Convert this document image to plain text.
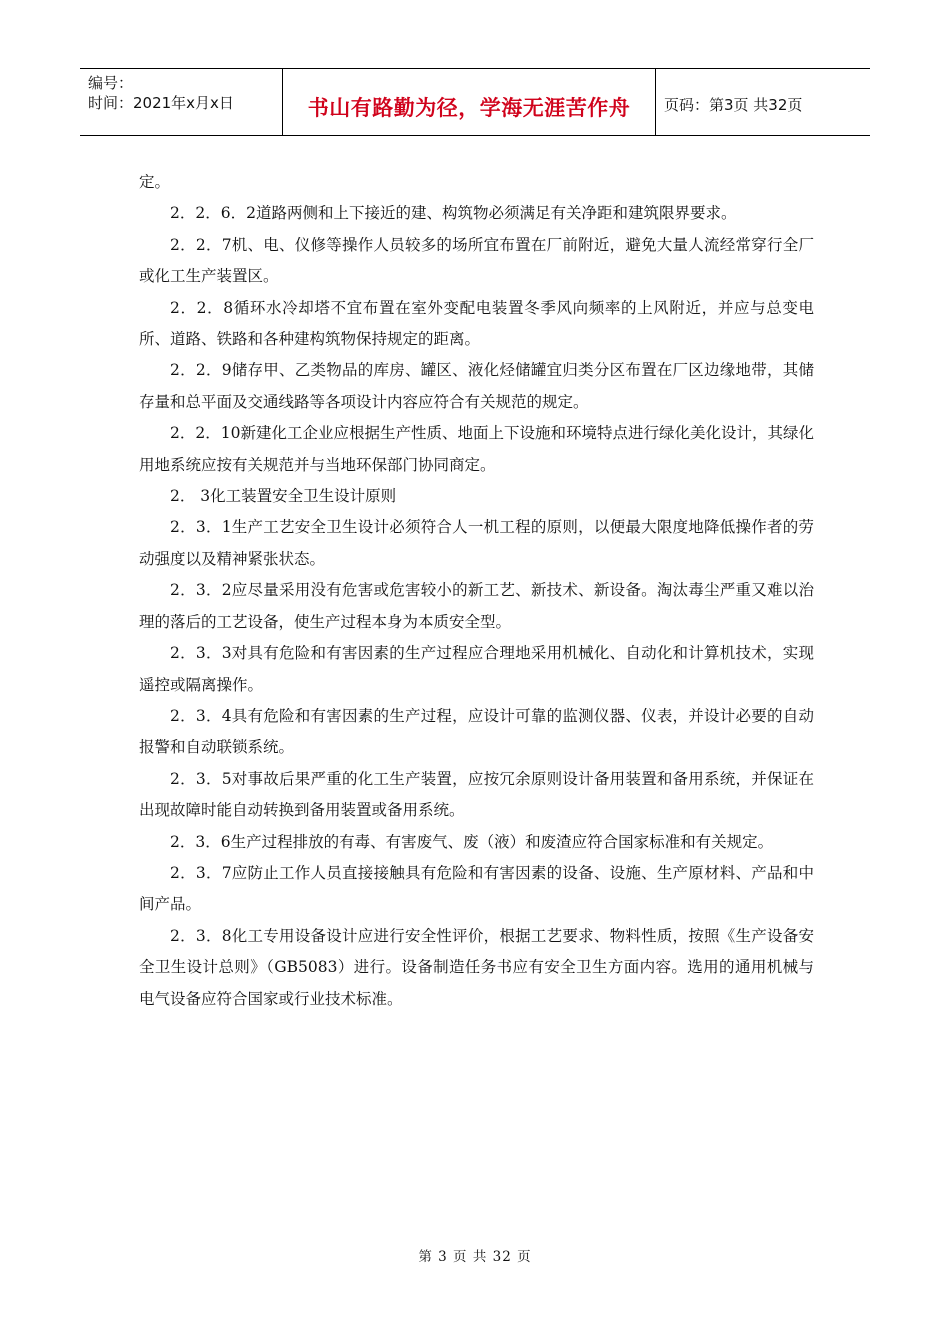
编号：
时间：2021年x月x日	书山有路勤为径，学海无涯苦作舟	页码：第3页 共32页

定。

2．2．6．2道路两侧和上下接近的建、构筑物必须满足有关净距和建筑限界要求。

2．2．7机、电、仪修等操作人员较多的场所宜布置在厂前附近，避免大量人流经常穿行全厂或化工生产装置区。

2．2．8循环水冷却塔不宜布置在室外变配电装置冬季风向频率的上风附近，并应与总变电所、道路、铁路和各种建构筑物保持规定的距离。

2．2．9储存甲、乙类物品的库房、罐区、液化烃储罐宜归类分区布置在厂区边缘地带，其储存量和总平面及交通线路等各项设计内容应符合有关规范的规定。

2．2．10新建化工企业应根据生产性质、地面上下设施和环境特点进行绿化美化设计，其绿化用地系统应按有关规范并与当地环保部门协同商定。

2． 3化工装置安全卫生设计原则

2．3．1生产工艺安全卫生设计必须符合人一机工程的原则，以便最大限度地降低操作者的劳动强度以及精神紧张状态。

2．3．2应尽量采用没有危害或危害较小的新工艺、新技术、新设备。淘汰毒尘严重又难以治理的落后的工艺设备，使生产过程本身为本质安全型。

2．3．3对具有危险和有害因素的生产过程应合理地采用机械化、自动化和计算机技术，实现遥控或隔离操作。

2．3．4具有危险和有害因素的生产过程，应设计可靠的监测仪器、仪表，并设计必要的自动报警和自动联锁系统。

2．3．5对事故后果严重的化工生产装置，应按冗余原则设计备用装置和备用系统，并保证在出现故障时能自动转换到备用装置或备用系统。

2．3．6生产过程排放的有毒、有害废气、废（液）和废渣应符合国家标准和有关规定。

2．3．7应防止工作人员直接接触具有危险和有害因素的设备、设施、生产原材料、产品和中间产品。

2．3．8化工专用设备设计应进行安全性评价，根据工艺要求、物料性质，按照《生产设备安全卫生设计总则》（GB5083）进行。设备制造任务书应有安全卫生方面内容。选用的通用机械与电气设备应符合国家或行业技术标准。

第 3 页 共 32 页
